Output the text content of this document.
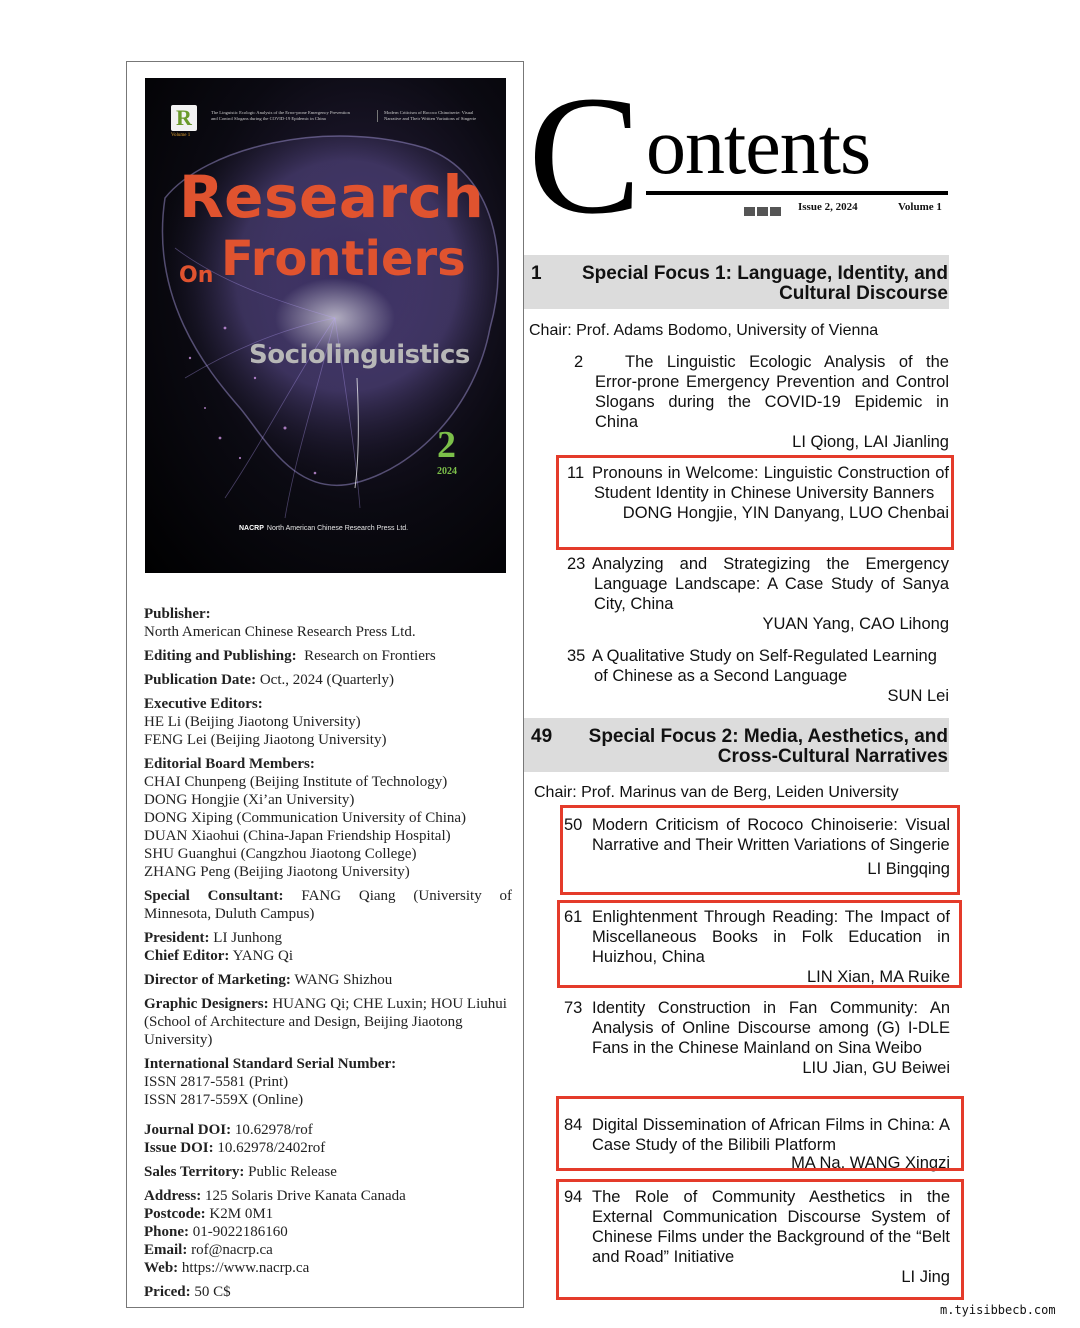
R
Volume 1
The Linguistic Ecologic Analysis of the Error-prone Emergency Prevention and Control Slogans during the COVID-19 Epidemic in China
Modern Criticism of Rococo Chinoiserie: Visual Narrative and Their Written Variations of Singerie
Research
On Frontiers
Sociolinguistics
2
2024
NACRP North American Chinese Research Press Ltd.
Publisher:
North American Chinese Research Press Ltd.
Editing and Publishing: Research on Frontiers
Publication Date: Oct., 2024 (Quarterly)
Executive Editors:
HE Li (Beijing Jiaotong University)
FENG Lei (Beijing Jiaotong University)
Editorial Board Members:
CHAI Chunpeng (Beijing Institute of Technology)
DONG Hongjie (Xi’an University)
DONG Xiping (Communication University of China)
DUAN Xiaohui (China-Japan Friendship Hospital)
SHU Guanghui (Cangzhou Jiaotong College)
ZHANG Peng (Beijing Jiaotong University)
Special Consultant: FANG Qiang (University of Minnesota, Duluth Campus)
President: LI Junhong
Chief Editor: YANG Qi
Director of Marketing: WANG Shizhou
Graphic Designers: HUANG Qi; CHE Luxin; HOU Liuhui (School of Architecture and Design, Beijing Jiaotong University)
International Standard Serial Number:
ISSN 2817-5581 (Print)
ISSN 2817-559X (Online)
Journal DOI: 10.62978/rof
Issue DOI: 10.62978/2402rof
Sales Territory: Public Release
Address: 125 Solaris Drive Kanata Canada
Postcode: K2M 0M1
Phone: 01-9022186160
Email: rof@nacrp.ca
Web: https://www.nacrp.ca
Priced: 50 C$
C ontents
Issue 2, 2024	Volume 1
1	Special Focus 1: Language, Identity, and Cultural Discourse
Chair: Prof. Adams Bodomo, University of Vienna
2	The Linguistic Ecologic Analysis of the Error-prone Emergency Prevention and Control Slogans during the COVID-19 Epidemic in China
LI Qiong, LAI Jianling
11 Pronouns in Welcome: Linguistic Construction of Student Identity in Chinese University Banners
DONG Hongjie, YIN Danyang, LUO Chenbai
23 Analyzing and Strategizing the Emergency Language Landscape: A Case Study of Sanya City, China
YUAN Yang, CAO Lihong
35 A Qualitative Study on Self-Regulated Learning of Chinese as a Second Language
SUN Lei
49	Special Focus 2: Media, Aesthetics, and Cross-Cultural Narratives
Chair: Prof. Marinus van de Berg, Leiden University
50 Modern Criticism of Rococo Chinoiserie: Visual Narrative and Their Written Variations of Singerie
LI Bingqing
61 Enlightenment Through Reading: The Impact of Miscellaneous Books in Folk Education in Huizhou, China
LIN Xian, MA Ruike
73 Identity Construction in Fan Community: An Analysis of Online Discourse among (G) I-DLE Fans in the Chinese Mainland on Sina Weibo
LIU Jian, GU Beiwei
84 Digital Dissemination of African Films in China: A Case Study of the Bilibili Platform
MA Na, WANG Xingzi
94 The Role of Community Aesthetics in the External Communication Discourse System of Chinese Films under the Background of the “Belt and Road” Initiative
LI Jing
m.tyisibbecb.com
